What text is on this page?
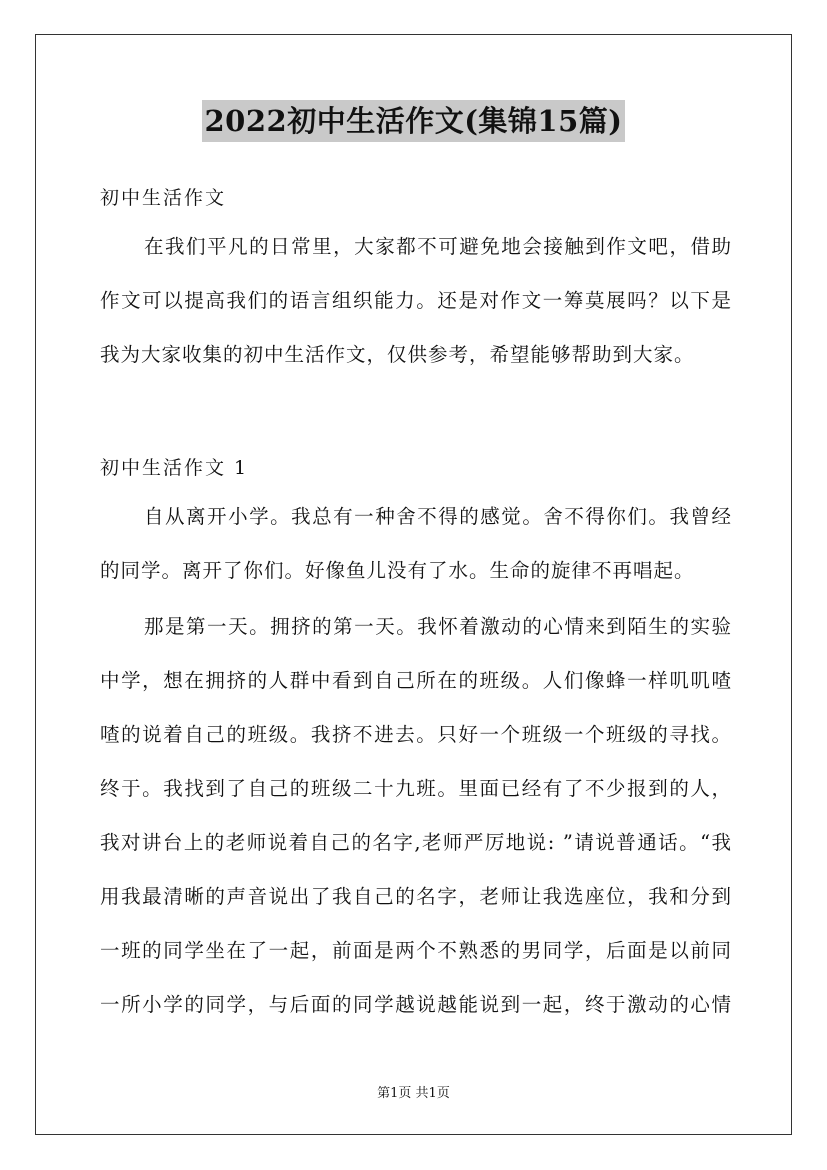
2022初中生活作文(集锦15篇)
初中生活作文
在我们平凡的日常里，大家都不可避免地会接触到作文吧，借助
作文可以提高我们的语言组织能力。还是对作文一筹莫展吗？以下是
我为大家收集的初中生活作文，仅供参考，希望能够帮助到大家。
初中生活作文 1
自从离开小学。我总有一种舍不得的感觉。舍不得你们。我曾经
的同学。离开了你们。好像鱼儿没有了水。生命的旋律不再唱起。
那是第一天。拥挤的第一天。我怀着激动的心情来到陌生的实验
中学，想在拥挤的人群中看到自己所在的班级。人们像蜂一样叽叽喳
喳的说着自己的班级。我挤不进去。只好一个班级一个班级的寻找。
终于。我找到了自己的班级二十九班。里面已经有了不少报到的人，
我对讲台上的老师说着自己的名字,老师严厉地说: ”请说普通话。“我
用我最清晰的声音说出了我自己的名字，老师让我选座位，我和分到
一班的同学坐在了一起，前面是两个不熟悉的男同学，后面是以前同
一所小学的同学，与后面的同学越说越能说到一起，终于激动的心情
第1页 共1页
